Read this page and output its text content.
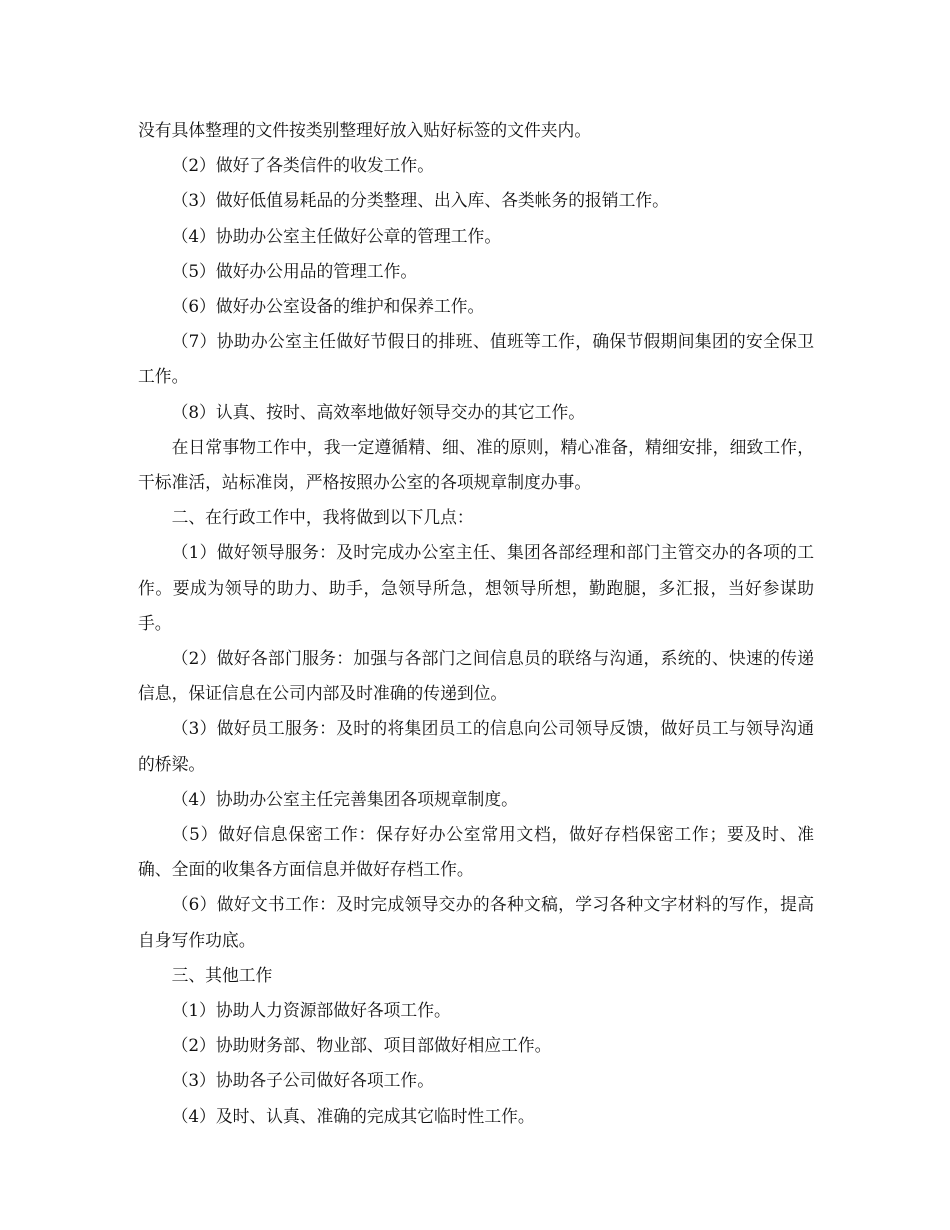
没有具体整理的文件按类别整理好放入贴好标签的文件夹内。

（2）做好了各类信件的收发工作。

（3）做好低值易耗品的分类整理、出入库、各类帐务的报销工作。

（4）协助办公室主任做好公章的管理工作。

（5）做好办公用品的管理工作。

（6）做好办公室设备的维护和保养工作。

（7）协助办公室主任做好节假日的排班、值班等工作，确保节假期间集团的安全保卫工作。

（8）认真、按时、高效率地做好领导交办的其它工作。

在日常事物工作中，我一定遵循精、细、准的原则，精心准备，精细安排，细致工作，干标准活，站标准岗，严格按照办公室的各项规章制度办事。

二、在行政工作中，我将做到以下几点：

（1）做好领导服务：及时完成办公室主任、集团各部经理和部门主管交办的各项的工作。要成为领导的助力、助手，急领导所急，想领导所想，勤跑腿，多汇报，当好参谋助手。

（2）做好各部门服务：加强与各部门之间信息员的联络与沟通，系统的、快速的传递信息，保证信息在公司内部及时准确的传递到位。

（3）做好员工服务：及时的将集团员工的信息向公司领导反馈，做好员工与领导沟通的桥梁。

（4）协助办公室主任完善集团各项规章制度。

（5）做好信息保密工作：保存好办公室常用文档，做好存档保密工作；要及时、准确、全面的收集各方面信息并做好存档工作。

（6）做好文书工作：及时完成领导交办的各种文稿，学习各种文字材料的写作，提高自身写作功底。

三、其他工作

（1）协助人力资源部做好各项工作。

（2）协助财务部、物业部、项目部做好相应工作。

（3）协助各子公司做好各项工作。

（4）及时、认真、准确的完成其它临时性工作。
